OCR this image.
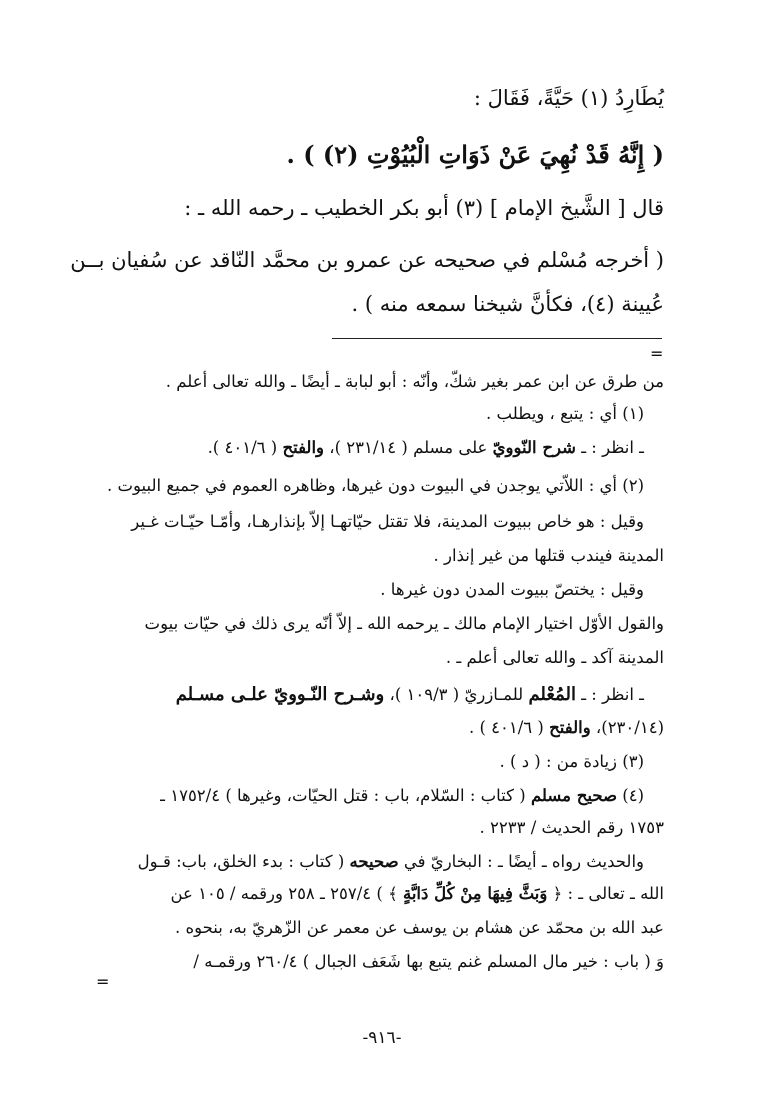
يُطَارِدُ (١) حَيَّةً، فَقَالَ :
( إِنَّهُ قَدْ نُهِيَ عَنْ ذَوَاتِ الْبُيُوْتِ (٢) ) .
قال [ الشَّيخ الإمام ] (٣) أبو بكر الخطيب ـ رحمه الله ـ :
( أخرجه مُسْلم في صحيحه عن عمرو بن محمَّد النّاقد عن سُفيان بــن
عُيينة (٤)، فكأنَّ شيخنا سمعه منه ) .
=
من طرق عن ابن عمر بغير شكّ، وأنّه : أبو لبابة ـ أيضًا ـ والله تعالى أعلم .
(١) أي : يتبع ، ويطلب .
ـ انظر : ـ شرح النّوويّ على مسلم ( ٢٣١/١٤ )، والفتح ( ٤٠١/٦ ).
(٢) أي : اللاّتي يوجدن في البيوت دون غيرها، وظاهره العموم في جميع البيوت .
وقيل : هو خاص ببيوت المدينة، فلا تقتل حيّاتهـا إلاّ بإنذارهـا، وأمّـا حيّـات غـير
المدينة فيندب قتلها من غير إنذار .
وقيل : يختصّ ببيوت المدن دون غيرها .
والقول الأوّل اختيار الإمام مالك ـ يرحمه الله ـ إلاّ أنّه يرى ذلك في حيّات بيوت
المدينة آكد ـ والله تعالى أعلم ـ .
ـ انظر : ـ المُعْلم للمـازريّ ( ١٠٩/٣ )، وشـرح النّـوويّ علـى مسـلم
(٢٣٠/١٤)، والفتح ( ٤٠١/٦ ) .
(٣) زيادة من : ( د ) .
(٤) صحيح مسلم ( كتاب : السّلام، باب : قتل الحيّات، وغيرها ) ١٧٥٢/٤ ـ
١٧٥٣ رقم الحديث / ٢٢٣٣ .
والحديث رواه ـ أيضًا ـ : البخاريّ في صحيحه ( كتاب : بدء الخلق، باب: قـول
الله ـ تعالى ـ : ﴿ وَبَثَّ فِيهَا مِنْ كُلِّ دَابَّةٍ ﴾ ) ٢٥٧/٤ ـ ٢٥٨ ورقمه / ١٠٥ عن
عبد الله بن محمّد عن هشام بن يوسف عن معمر عن الزّهريّ به، بنحوه .
وَ ( باب : خير مال المسلم غنم يتبع بها شَعَف الجبال ) ٢٦٠/٤ ورقمـه /
=
-٩١٦-
